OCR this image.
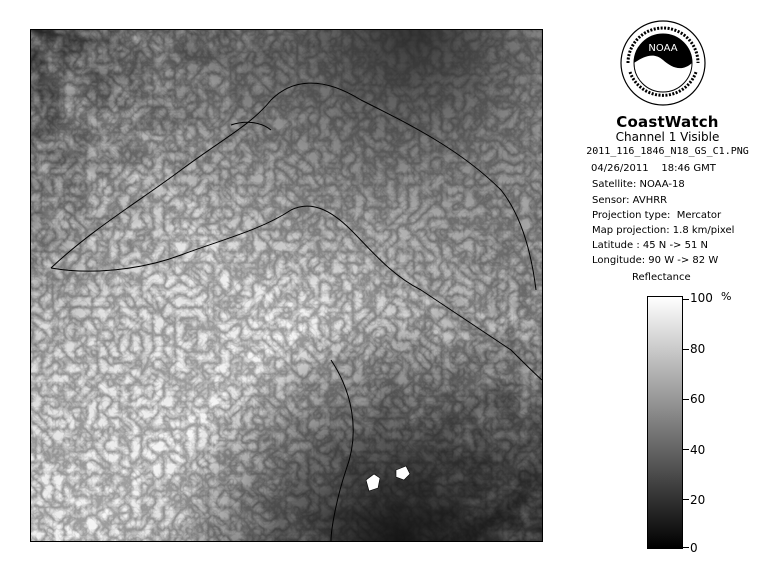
NOAA
CoastWatch
Channel 1 Visible
2011_116_1846_N18_GS_C1.PNG
04/26/2011    18:46 GMT
Satellite: NOAA-18
Sensor: AVHRR
Projection type:  Mercator
Map projection: 1.8 km/pixel
Latitude : 45 N -> 51 N
Longitude: 90 W -> 82 W
Reflectance
%
100
80
60
40
20
0
